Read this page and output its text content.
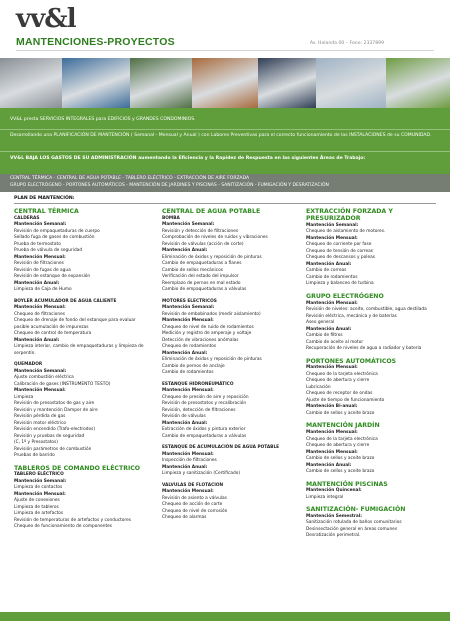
vv&l
MANTENCIONES-PROYECTOS	Av. Holanda 00 – Fono: 2337899

VV&L presta SERVICIOS INTEGRALES para EDIFICIOS y GRANDES CONDOMINIOS.

Desarrollando una PLANIFICACIÓN DE MANTENCIÓN ( Semanal - Mensual y Anual ) con Labores Preventivas para el correcto funcionamiento de las INSTALACIONES de su COMUNIDAD.

VV&L BAJA LOS GASTOS DE SU ADMINISTRACIÓN aumentando la Eficiencia y la Rapidez de Respuesta en las siguientes Áreas de Trabajo:

CENTRAL TÉRMICA - CENTRAL DE AGUA POTABLE - TABLERO ELÉCTRICO - EXTRACCIÓN DE AIRE FORZADA

GRUPO ELECTRÓGENO - PORTONES AUTOMÁTICOS - MANTENCIÓN DE JARDINES Y PISCINAS - SANITIZACIÓN - FUMIGACIÓN Y DESRATIZACIÓN

PLAN DE MANTENCIÓN:
CENTRAL TÉRMICA
CALDERAS
Mantención Semanal:
Revisión de empaquetaduras de cuerpo
Sellado fuga de gases de combustión
Prueba de termostato
Prueba de válvula de seguridad
Mantención Mensual:
Revisión de filtraciones
Revisión de fugas de agua
Revisión de estanque de expansión
Mantención Anual:
Limpieza de Caja de Humo
BOYLER ACUMULADOR DE AGUA CALIENTE
Mantención Mensual:
Chequeo de filtraciones
Chequeo de drenaje de fondo del estanque para evaluar posible acumulación de impurezas
Chequeo de control de temperatura
Mantención Anual:
Limpieza interior, cambio de empaquetaduras y limpieza de serpentín.
QUEMADOR
Mantención Semanal:
Ajuste combustión eléctrica
Calibración de gases (INSTRUMENTO TESTO)
Mantención Mensual:
Limpieza
Revisión de presostatos de gas y aire
Revisión y mantención Damper de aire
Revisión pérdida de gas
Revisión motor eléctrico
Revisión encendido (Trafo-electrodos)
Revisión y pruebas de seguridad
(C, 1º y Presostatos)
Revisión parámetros de combustión
Pruebas de barrido
TABLEROS DE COMANDO ELÉCTRICO
TABLERO ELÉCTRICO
Mantención Semanal:
Limpieza de contactos
Mantención Mensual:
Ajuste de conexiones
Limpieza de tableros
Limpieza de artefactos
Revisión de temperaturas de artefactos y conductores
Chequeo de funcionamiento de componentes
CENTRAL DE AGUA POTABLE
BOMBA
Mantención Semanal:
Revisión y detección de filtraciones
Comprobación de niveles de ruidos y vibraciones
Revisión de válvulas (acción de corte)
Mantención Anual:
Eliminación de óxidos y reposición de pinturas
Cambio de empaquetaduras a flanes
Cambio de sellos mecánicos
Verificación del estado del impulsor
Reemplazo de pernos en mal estado
Cambio de empaquetaduras a válvulas
MOTORES ELECTRICOS
Mantención Semanal:
Revisión de embobinados (medir aislamiento)
Mantención Mensual:
Chequeo de nivel de ruido de rodamientos
Medición y registro de amperaje y voltaje
Detección de vibraciones anómalas
Chequeo de rodamientos
Mantención Anual:
Eliminación de óxidos y reposición de pinturas
Cambio de pernos de anclaje
Cambio de rodamientos
ESTANQUE HIDRONEUMÁTICO
Mantención Mensual:
Chequeo de presión de aire y reposición
Revisión de presostatos y recalibración
Revisión, detección de filtraciones
Revisión de válvulas
Mantención Anual:
Extracción de óxidos y pintura exterior
Cambio de empaquetaduras a válvulas
ESTANQUE DE ACUMULACIÓN DE AGUA POTABLE
Mantención Mensual:
Inspección de filtraciones
Mantención Anual:
Limpieza y sanitización (Certificado)
VALVULAS DE FLOTACION
Mantención Mensual:
Revisión de asiento a válvulas
Chequeo de acción de corte
Chequeo de nivel de corrosión
Chequeo de alarmas
EXTRACCIÓN FORZADA Y PRESURIZADOR
Mantención Semanal:
Chequeo de aislamiento de motores.
Mantención Mensual:
Chequeo de corriente por fase
Chequeo de tensión de correas
Chequeo de descansos y poleas
Mantención Anual:
Cambio de correas
Cambio de rodamientos
Limpieza y balanceo de turbina
GRUPO ELECTRÓGENO
Mantención Mensual:
Revisión de niveles: aceite, combustible, agua destilada
Revisión eléctrica, mecánica y de baterías
Aseo general
Mantención Anual:
Cambio de filtros
Cambio de aceite al motor
Recuperación de niveles de agua a radiador y batería
PORTONES AUTOMÁTICOS
Mantención Mensual:
Chequeo de la tarjeta electrónica
Chequeo de abertura y cierre
Lubricación
Chequeo de receptor de ondas
Ajuste de tiempo de funcionamiento
Mantención Bi-anual:
Cambio de sellos y aceite brazo
MANTENCIÓN JARDÍN
Mantención Mensual:
Chequeo de la tarjeta electrónica
Chequeo de abertura y cierre
Mantención Mensual:
Cambio de sellos y aceite brazo
Mantención Anual:
Cambio de sellos y aceite brazo
MANTENCIÓN PISCINAS
Mantención Quincenal:
Limpieza integral
SANITIZACIÓN- FUMIGACIÓN
Mantención Semestral:
Sanitización rotulada de baños comunitarios
Desinsectación general en áreas comunes
Desratización perimetral.
